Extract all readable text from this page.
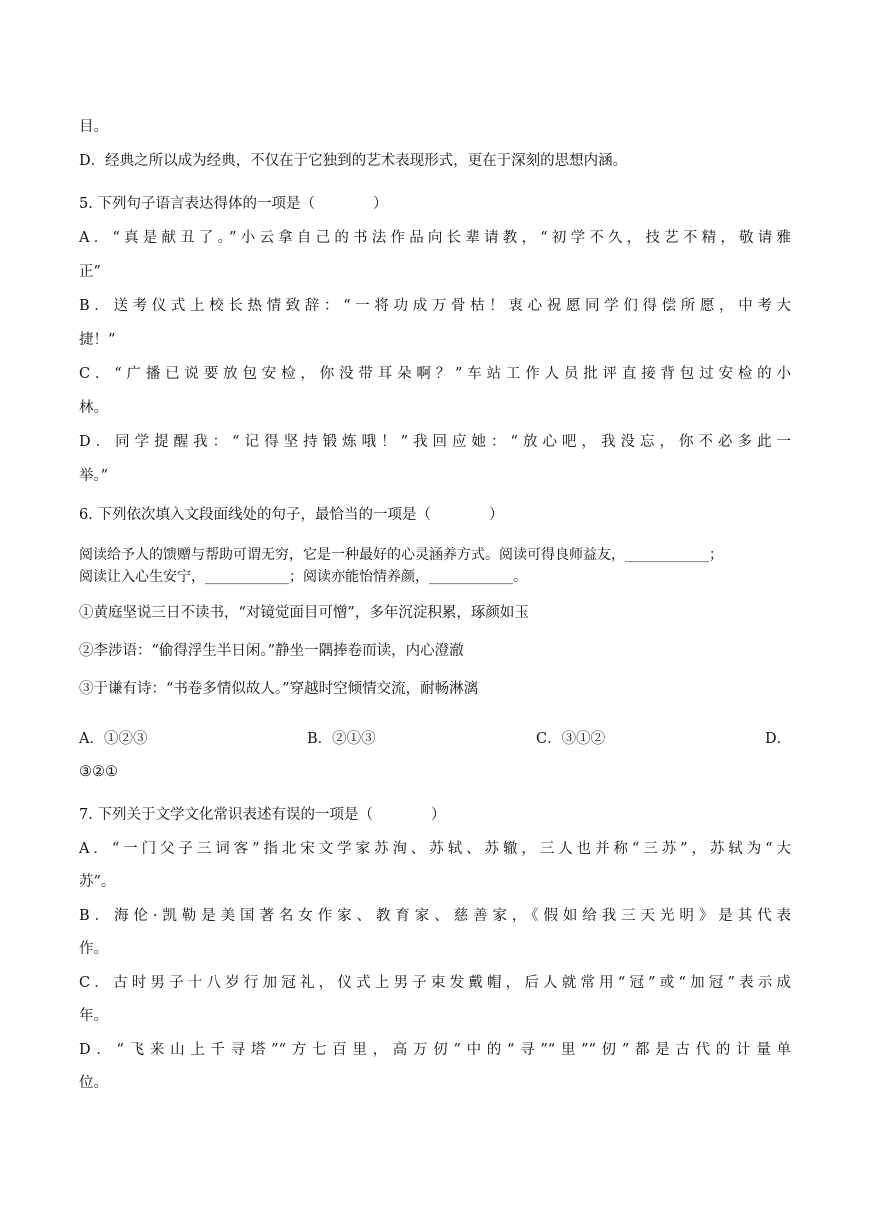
目。
D．经典之所以成为经典，不仅在于它独到的艺术表现形式，更在于深刻的思想内涵。
5. 下列句子语言表达得体的一项是（　　　　）
A．“真是献丑了。”小云拿自己的书法作品向长辈请教，“初学不久，技艺不精，敬请雅
正”
B．送考仪式上校长热情致辞：“一将功成万骨枯！衷心祝愿同学们得偿所愿，中考大
捷！”
C．“广播已说要放包安检，你没带耳朵啊？”车站工作人员批评直接背包过安检的小
林。
D．同学提醒我：“记得坚持锻炼哦！”我回应她：“放心吧，我没忘，你不必多此一
举。”
6. 下列依次填入文段面线处的句子，最恰当的一项是（　　　　）
阅读给予人的馈赠与帮助可谓无穷，它是一种最好的心灵涵养方式。阅读可得良师益友，____________；
阅读让入心生安宁，____________；阅读亦能怡情养颜，____________。
①黄庭坚说三日不读书，“对镜觉面目可憎”，多年沉淀积累，琢颜如玉
②李涉语：“偷得浮生半日闲。”静坐一隅捧卷而读，内心澄澈
③于谦有诗：“书卷多情似故人。”穿越时空倾情交流，耐畅淋漓
A．①②③	B．②①③	C．③①②	D．
③②①
7. 下列关于文学文化常识表述有误的一项是（　　　　）
A．“一门父子三词客”指北宋文学家苏洵、苏轼、苏辙，三人也并称“三苏”，苏轼为“大
苏”。
B．海伦·凯勒是美国著名女作家、教育家、慈善家，《假如给我三天光明》是其代表
作。
C．古时男子十八岁行加冠礼，仪式上男子束发戴帽，后人就常用“冠”或“加冠”表示成
年。
D．“飞来山上千寻塔”“方七百里，高万仞”中的“寻”“里”“仞”都是古代的计量单
位。
